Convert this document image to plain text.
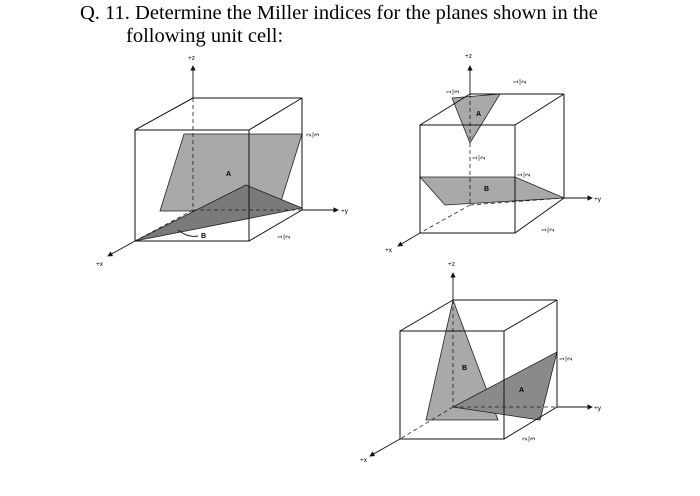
Q. 11. Determine the Miller indices for the planes shown in the
following unit cell:
+z
+y
+x
A
B
2 3
1 2
+z
+y
+x
A
B
1 3
1 2
1 2
1 2
1 2
+z
+y
+x
B
A
1 2
2 3
